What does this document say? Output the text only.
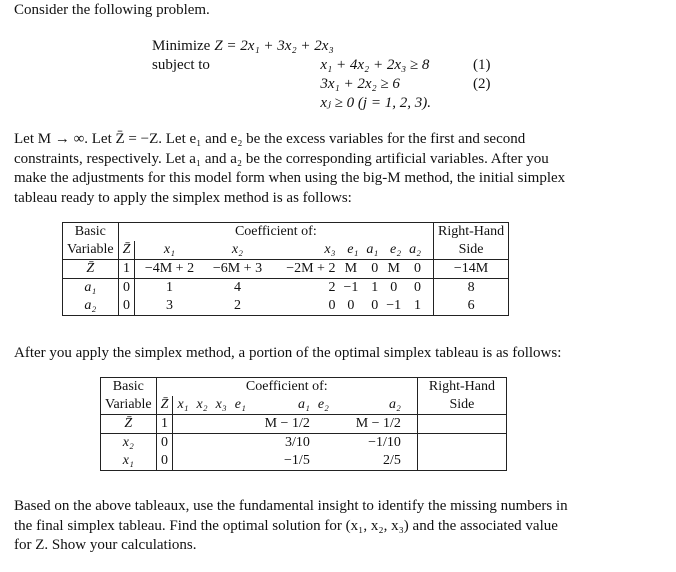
Consider the following problem.
Minimize	Z = 2x₁ + 3x₂ + 2x₃	
subject to	x₁ + 4x₂ + 2x₃ ≥ 8	(1)
	3x₁ + 2x₂ ≥ 6	(2)
	xⱼ ≥ 0 (j = 1, 2, 3).	
Let M → ∞. Let Z̄ = −Z. Let e₁ and e₂ be the excess variables for the first and second
constraints, respectively. Let a₁ and a₂ be the corresponding artificial variables. After you
make the adjustments for this model form when using the big-M method, the initial simplex
tableau ready to apply the simplex method is as follows:
Basic	Coefficient of:									Right-Hand
Variable	Z̄	x₁	x₂	x₃	e₁	a₁	e₂	a₂		Side
Z̄	1	−4M + 2	−6M + 3	−2M + 2	M	0	M	0		−14M
a₁	0	1	4	2	−1	1	0	0		8
a₂	0	3	2	0	0	0	−1	1		6
After you apply the simplex method, a portion of the optimal simplex tableau is as follows:
Basic	Coefficient of:									Right-Hand
Variable	Z̄	x₁	x₂	x₃	e₁	a₁	e₂	a₂		Side
Z̄	1					M − 1/2		M − 1/2		
x₂	0					3/10		−1/10		
x₁	0					−1/5		2/5		
Based on the above tableaux, use the fundamental insight to identify the missing numbers in
the final simplex tableau. Find the optimal solution for (x₁, x₂, x₃) and the associated value
for Z. Show your calculations.
